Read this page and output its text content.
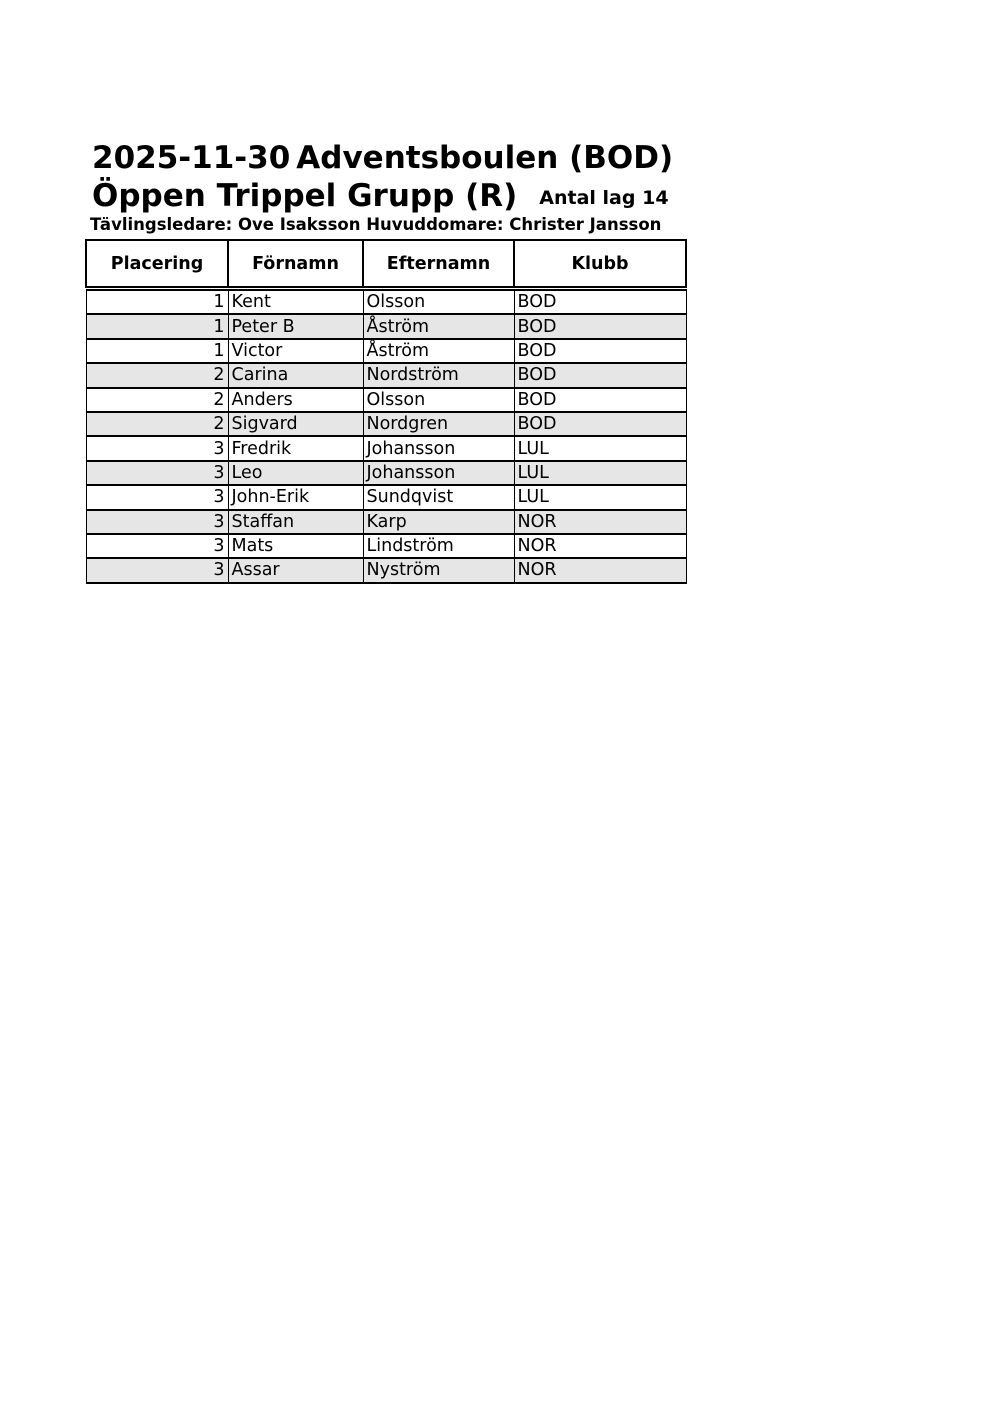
2025-11-30 Adventsboulen (BOD)
Öppen Trippel Grupp (R) Antal lag 14
Tävlingsledare: Ove Isaksson Huvuddomare: Christer Jansson
Placering	Förnamn	Efternamn	Klubb

1	Kent	Olsson	BOD
1	Peter B	Åström	BOD
1	Victor	Åström	BOD
2	Carina	Nordström	BOD
2	Anders	Olsson	BOD
2	Sigvard	Nordgren	BOD
3	Fredrik	Johansson	LUL
3	Leo	Johansson	LUL
3	John-Erik	Sundqvist	LUL
3	Staffan	Karp	NOR
3	Mats	Lindström	NOR
3	Assar	Nyström	NOR
